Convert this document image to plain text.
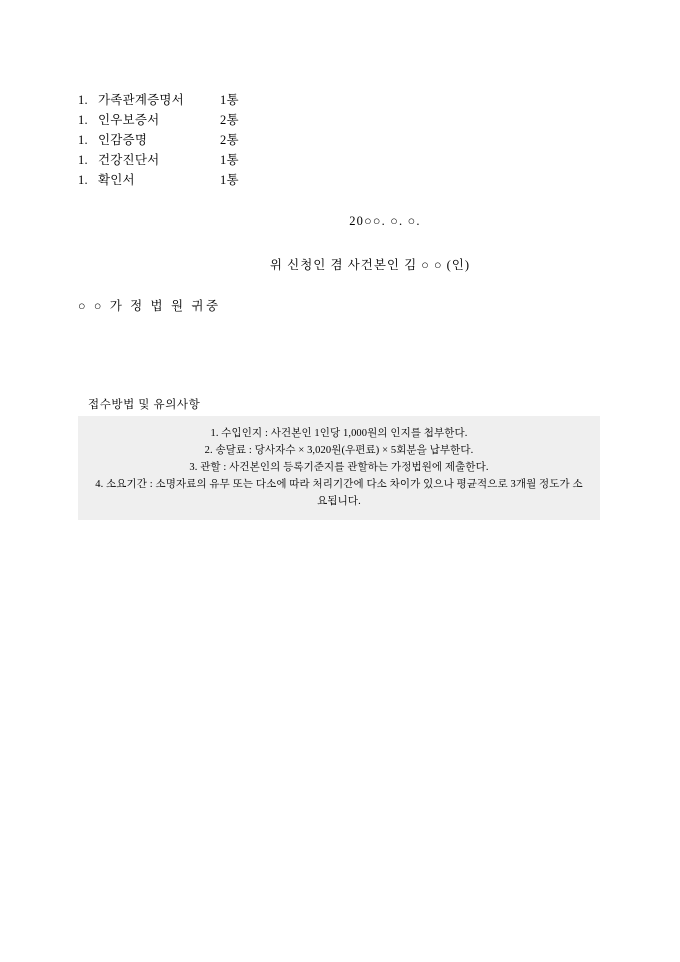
1. 가족관계증명서	1통
1. 인우보증서	2통
1. 인감증명	2통
1. 건강진단서	1통
1. 확인서	1통
20○○. ○. ○.
위 신청인 겸 사건본인 김 ○ ○ (인)
○ ○ 가 정 법 원 귀중
접수방법 및 유의사항
1. 수입인지 : 사건본인 1인당 1,000원의 인지를 첩부한다.
2. 송달료 : 당사자수 × 3,020원(우편료) × 5회분을 납부한다.
3. 관할 : 사건본인의 등록기준지를 관할하는 가정법원에 제출한다.
4. 소요기간 : 소명자료의 유무 또는 다소에 따라 처리기간에 다소 차이가 있으나 평균적으로 3개월 정도가 소요됩니다.
